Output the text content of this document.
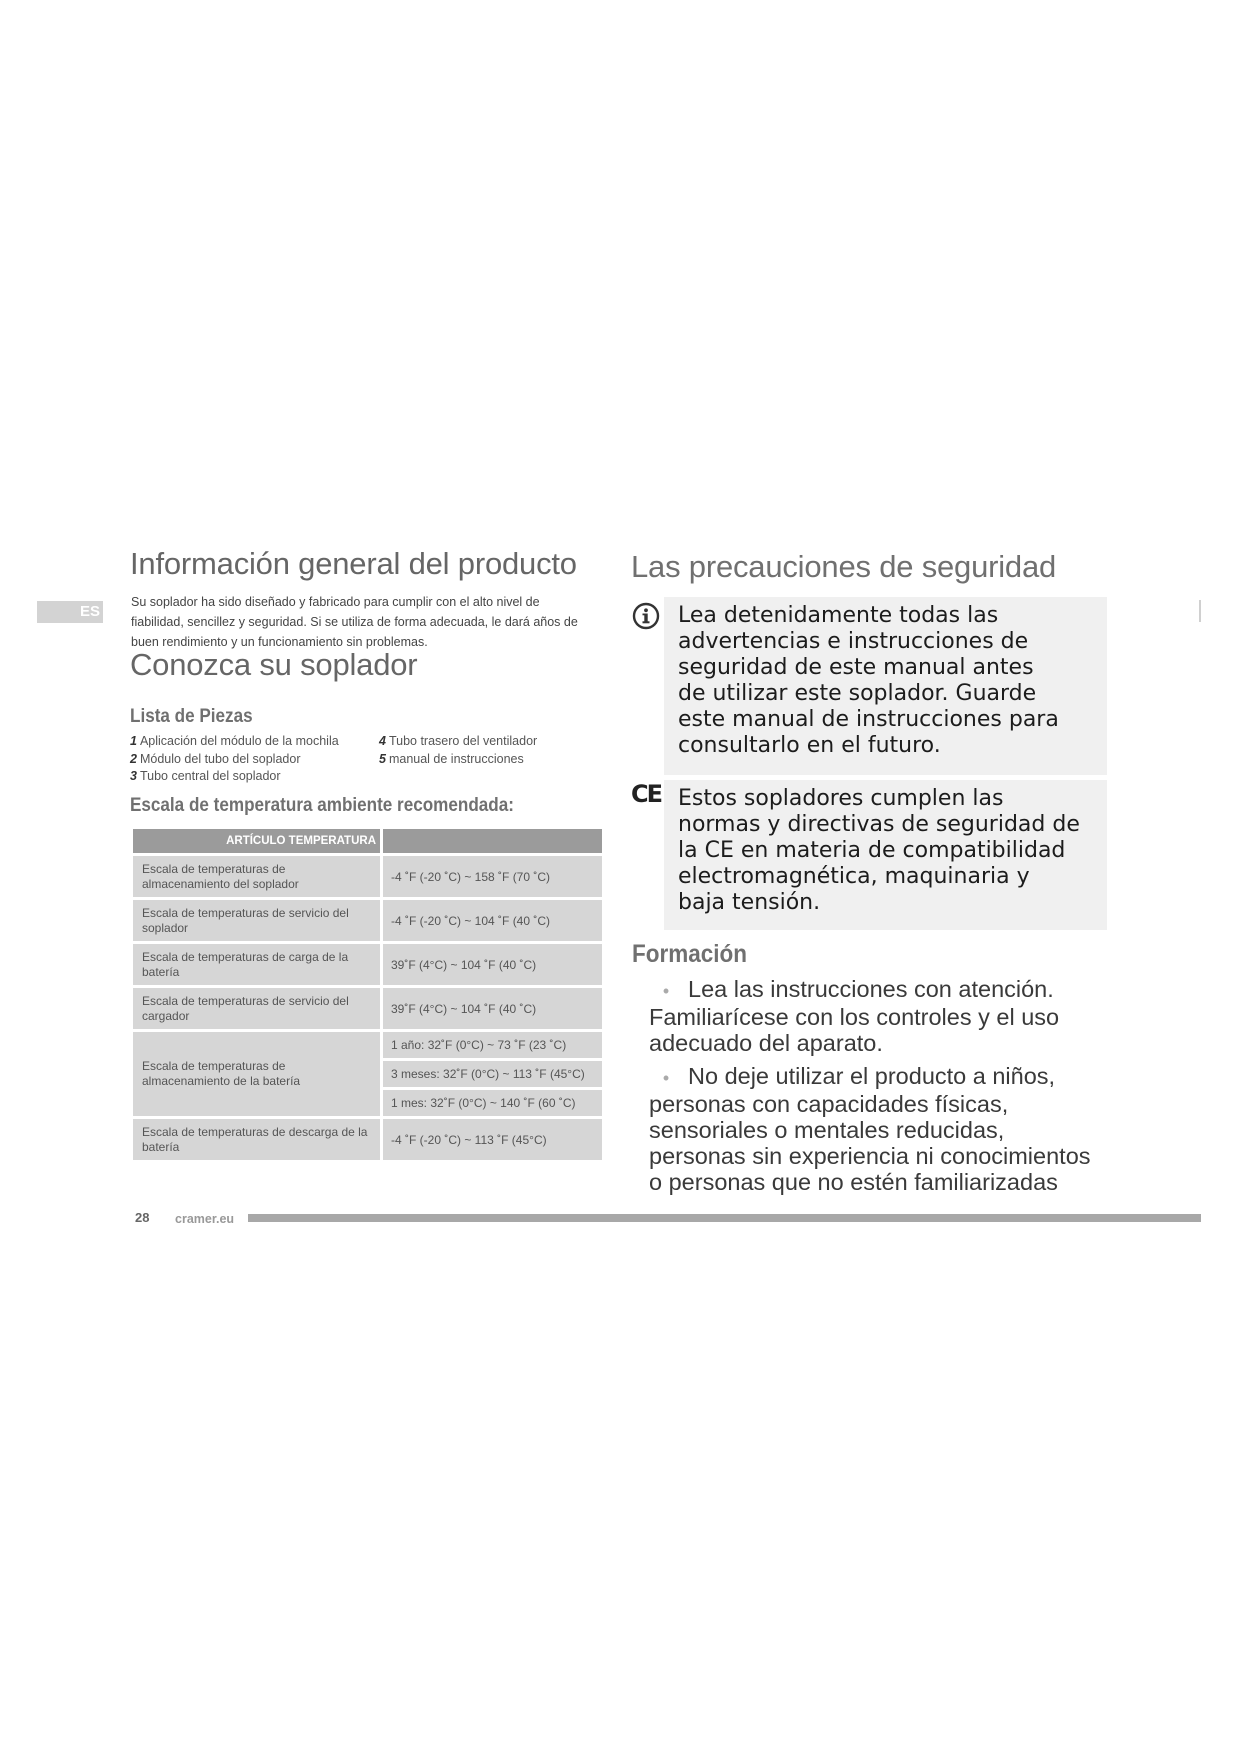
ES
Información general del producto
Su soplador ha sido diseñado y fabricado para cumplir con el alto nivel de
fiabilidad, sencillez y seguridad. Si se utiliza de forma adecuada, le dará años de
buen rendimiento y un funcionamiento sin problemas.
Conozca su soplador
Lista de Piezas
1 Aplicación del módulo de la mochila
2 Módulo del tubo del soplador
3 Tubo central del soplador
4 Tubo trasero del ventilador
5 manual de instrucciones
Escala de temperatura ambiente recomendada:
ARTÍCULO TEMPERATURA	
Escala de temperaturas de almacenamiento del soplador	-4 ˚F (-20 ˚C) ~ 158 ˚F (70 ˚C)
Escala de temperaturas de servicio del soplador	-4 ˚F (-20 ˚C) ~ 104 ˚F (40 ˚C)
Escala de temperaturas de carga de la batería	39˚F (4°C) ~ 104 ˚F (40 ˚C)
Escala de temperaturas de servicio del cargador	39˚F (4°C) ~ 104 ˚F (40 ˚C)
Escala de temperaturas de almacenamiento de la batería	1 año: 32˚F (0°C) ~ 73 ˚F (23 ˚C)
	3 meses: 32˚F (0°C) ~ 113 ˚F (45°C)
	1 mes: 32˚F (0°C) ~ 140 ˚F (60 ˚C)
Escala de temperaturas de descarga de la batería	-4 ˚F (-20 ˚C) ~ 113 ˚F (45°C)
Las precauciones de seguridad
Lea detenidamente todas las
advertencias e instrucciones de
seguridad de este manual antes
de utilizar este soplador. Guarde
este manual de instrucciones para
consultarlo en el futuro.
CE Estos sopladores cumplen las
normas y directivas de seguridad de
la CE en materia de compatibilidad
electromagnética, maquinaria y
baja tensión.
Formación
• Lea las instrucciones con atención.
Familiarícese con los controles y el uso
adecuado del aparato.
• No deje utilizar el producto a niños,
personas con capacidades físicas,
sensoriales o mentales reducidas,
personas sin experiencia ni conocimientos
o personas que no estén familiarizadas
28 cramer.eu
